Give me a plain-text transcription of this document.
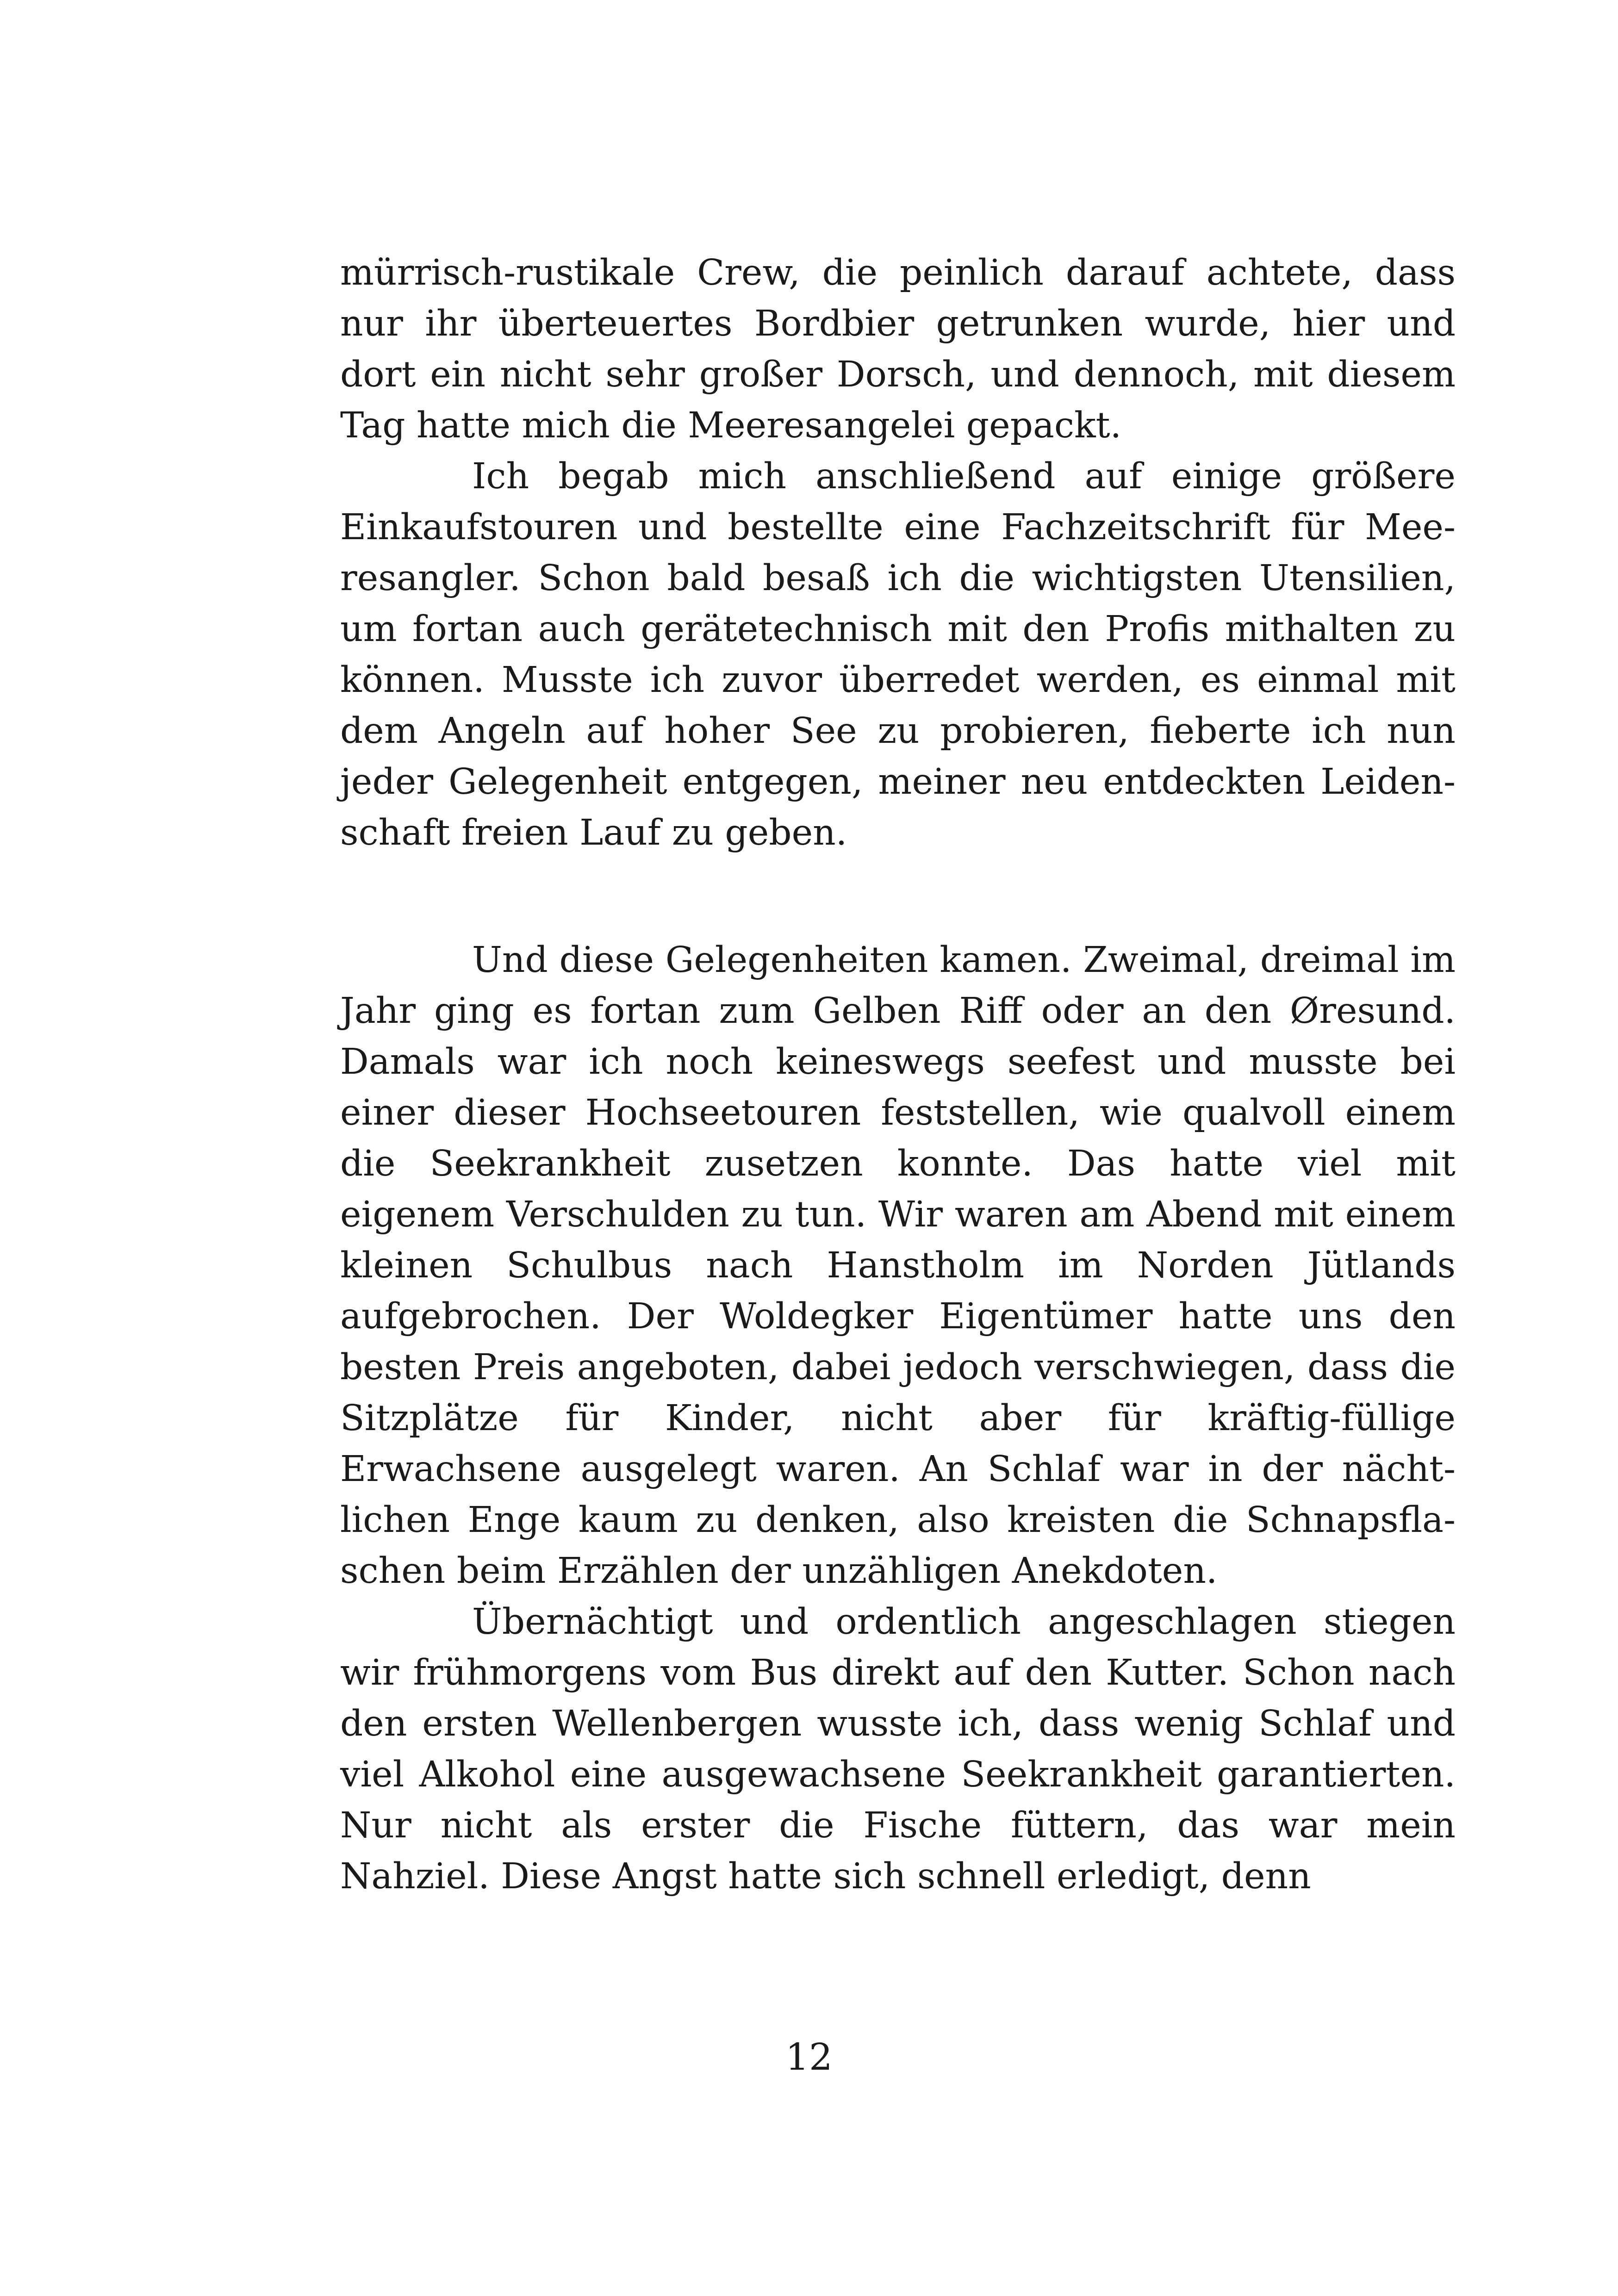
mürrisch-rustikale Crew, die peinlich darauf achtete, dass nur ihr überteuertes Bordbier getrunken wurde, hier und dort ein nicht sehr großer Dorsch, und dennoch, mit diesem Tag hatte mich die Meeresangelei gepackt.

Ich begab mich anschließend auf einige größere Einkaufstouren und bestellte eine Fachzeitschrift für Meeresangler. Schon bald besaß ich die wichtigsten Utensilien, um fortan auch gerätetechnisch mit den Profis mithalten zu können. Musste ich zuvor überredet werden, es einmal mit dem Angeln auf hoher See zu probieren, fieberte ich nun jeder Gelegenheit entgegen, meiner neu entdeckten Leidenschaft freien Lauf zu geben.

Und diese Gelegenheiten kamen. Zweimal, dreimal im Jahr ging es fortan zum Gelben Riff oder an den Øresund. Damals war ich noch keineswegs seefest und musste bei einer dieser Hochseetouren feststellen, wie qualvoll einem die Seekrankheit zusetzen konnte. Das hatte viel mit eigenem Verschulden zu tun. Wir waren am Abend mit einem kleinen Schulbus nach Hanstholm im Norden Jütlands aufgebrochen. Der Woldegker Eigentümer hatte uns den besten Preis angeboten, dabei jedoch verschwiegen, dass die Sitzplätze für Kinder, nicht aber für kräftig-füllige Erwachsene ausgelegt waren. An Schlaf war in der nächtlichen Enge kaum zu denken, also kreisten die Schnapsflaschen beim Erzählen der unzähligen Anekdoten.

Übernächtigt und ordentlich angeschlagen stiegen wir frühmorgens vom Bus direkt auf den Kutter. Schon nach den ersten Wellenbergen wusste ich, dass wenig Schlaf und viel Alkohol eine ausgewachsene Seekrankheit garantierten. Nur nicht als erster die Fische füttern, das war mein Nahziel. Diese Angst hatte sich schnell erledigt, denn

12
